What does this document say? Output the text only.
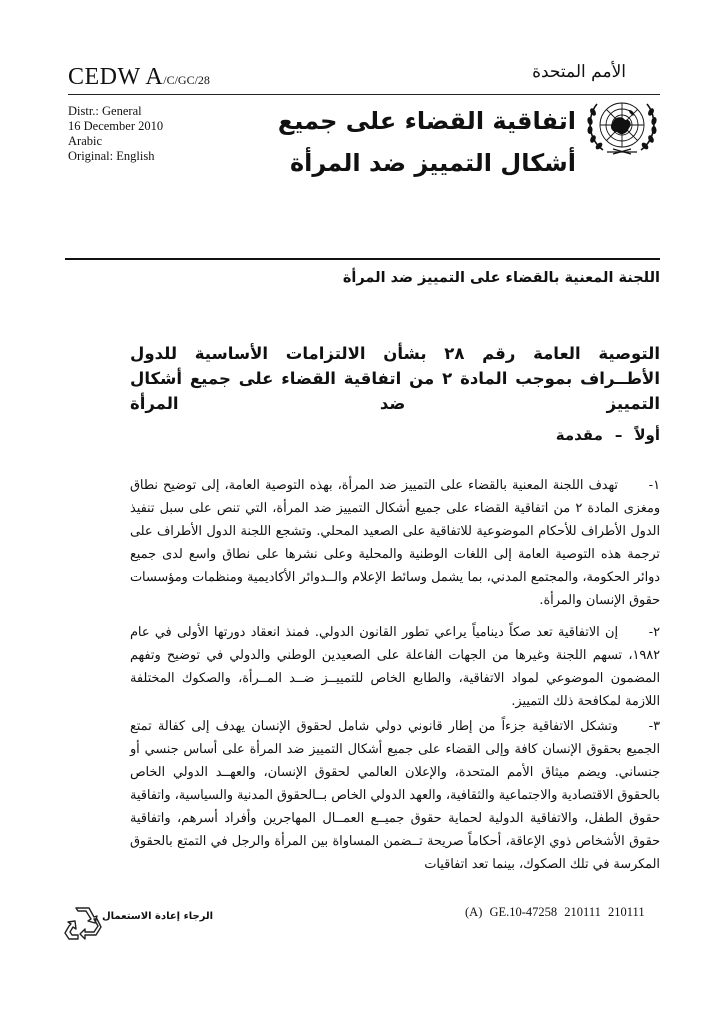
CEDW A/C/GC/28	الأمم المتحدة
Distr.: General
16 December 2010
Arabic
Original: English
اتفاقية القضاء على جميع أشكال التمييز ضد المرأة
اللجنة المعنية بالقضاء على التمييز ضد المرأة
التوصية العامة رقم ٢٨ بشأن الالتزامات الأساسية للدول الأطــراف بموجب المادة ٢ من اتفاقية القضاء على جميع أشكال التمييز ضد المرأة
أولاً–مقدمة
١-تهدف اللجنة المعنية بالقضاء على التمييز ضد المرأة، بهذه التوصية العامة، إلى توضيح نطاق ومغزى المادة ٢ من اتفاقية القضاء على جميع أشكال التمييز ضد المرأة، التي تنص على سبل تنفيذ الدول الأطراف للأحكام الموضوعية للاتفاقية على الصعيد المحلي. وتشجع اللجنة الدول الأطراف على ترجمة هذه التوصية العامة إلى اللغات الوطنية والمحلية وعلى نشرها على نطاق واسع لدى جميع دوائر الحكومة، والمجتمع المدني، بما يشمل وسائط الإعلام والــدوائر الأكاديمية ومنظمات ومؤسسات حقوق الإنسان والمرأة.
٢-إن الاتفاقية تعد صكاً دينامياً يراعي تطور القانون الدولي. فمنذ انعقاد دورتها الأولى في عام ١٩٨٢، تسهم اللجنة وغيرها من الجهات الفاعلة على الصعيدين الوطني والدولي في توضيح وتفهم المضمون الموضوعي لمواد الاتفاقية، والطابع الخاص للتمييــز ضــد المــرأة، والصكوك المختلفة اللازمة لمكافحة ذلك التمييز.
٣-وتشكل الاتفاقية جزءاً من إطار قانوني دولي شامل لحقوق الإنسان يهدف إلى كفالة تمتع الجميع بحقوق الإنسان كافة وإلى القضاء على جميع أشكال التمييز ضد المرأة على أساس جنسي أو جنساني. ويضم ميثاق الأمم المتحدة، والإعلان العالمي لحقوق الإنسان، والعهــد الدولي الخاص بالحقوق الاقتصادية والاجتماعية والثقافية، والعهد الدولي الخاص بــالحقوق المدنية والسياسية، واتفاقية حقوق الطفل، والاتفاقية الدولية لحماية حقوق جميــع العمــال المهاجرين وأفراد أسرهم، واتفاقية حقوق الأشخاص ذوي الإعاقة، أحكاماً صريحة تــضمن المساواة بين المرأة والرجل في التمتع بالحقوق المكرسة في تلك الصكوك، بينما تعد اتفاقيات
الرجاء إعادة الاستعمال	(A) GE.10-47258 210111 210111
